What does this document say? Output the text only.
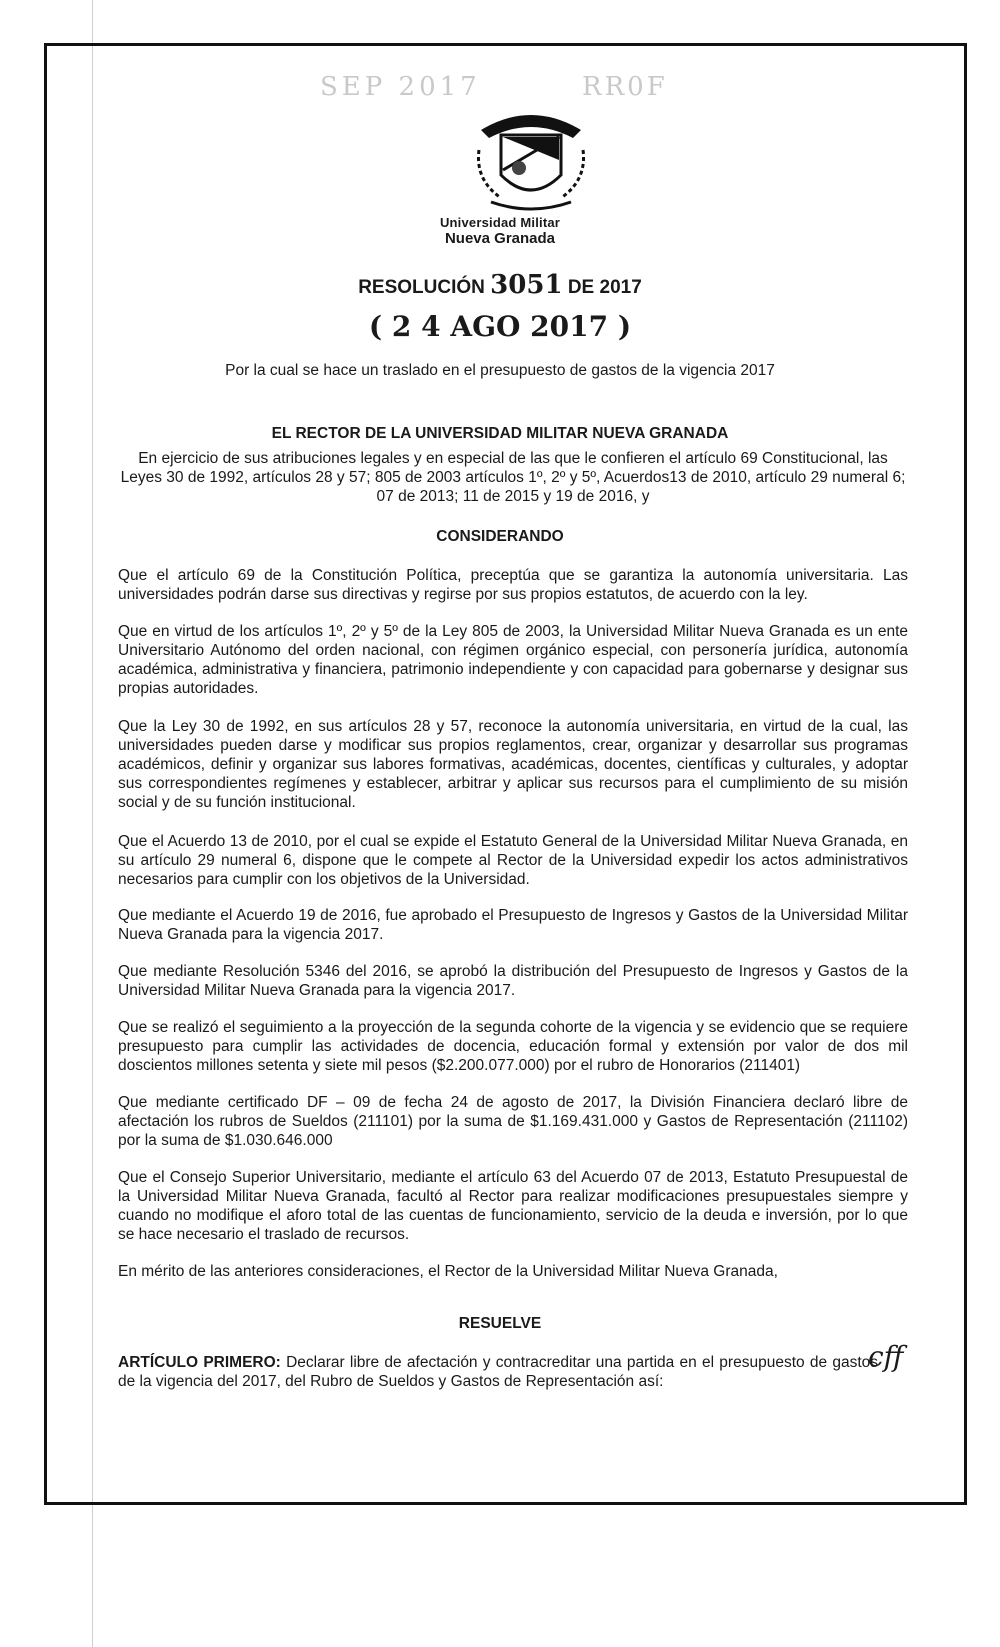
SEP 2017	RR0F
Universidad Militar
Nueva Granada
RESOLUCIÓN 3051 DE 2017
( 2 4 AGO 2017 )
Por la cual se hace un traslado en el presupuesto de gastos de la vigencia 2017
EL RECTOR DE LA UNIVERSIDAD MILITAR NUEVA GRANADA
En ejercicio de sus atribuciones legales y en especial de las que le confieren el artículo 69 Constitucional, las Leyes 30 de 1992, artículos 28 y 57; 805 de 2003 artículos 1º, 2º y 5º, Acuerdos13 de 2010, artículo 29 numeral 6; 07 de 2013; 11 de 2015 y 19 de 2016, y
CONSIDERANDO
Que el artículo 69 de la Constitución Política, preceptúa que se garantiza la autonomía universitaria. Las universidades podrán darse sus directivas y regirse por sus propios estatutos, de acuerdo con la ley.
Que en virtud de los artículos 1º, 2º y 5º de la Ley 805 de 2003, la Universidad Militar Nueva Granada es un ente Universitario Autónomo del orden nacional, con régimen orgánico especial, con personería jurídica, autonomía académica, administrativa y financiera, patrimonio independiente y con capacidad para gobernarse y designar sus propias autoridades.
Que la Ley 30 de 1992, en sus artículos 28 y 57, reconoce la autonomía universitaria, en virtud de la cual, las universidades pueden darse y modificar sus propios reglamentos, crear, organizar y desarrollar sus programas académicos, definir y organizar sus labores formativas, académicas, docentes, científicas y culturales, y adoptar sus correspondientes regímenes y establecer, arbitrar y aplicar sus recursos para el cumplimiento de su misión social y de su función institucional.
Que el Acuerdo 13 de 2010, por el cual se expide el Estatuto General de la Universidad Militar Nueva Granada, en su artículo 29 numeral 6, dispone que le compete al Rector de la Universidad expedir los actos administrativos necesarios para cumplir con los objetivos de la Universidad.
Que mediante el Acuerdo 19 de 2016, fue aprobado el Presupuesto de Ingresos y Gastos de la Universidad Militar Nueva Granada para la vigencia 2017.
Que mediante Resolución 5346 del 2016, se aprobó la distribución del Presupuesto de Ingresos y Gastos de la Universidad Militar Nueva Granada para la vigencia 2017.
Que se realizó el seguimiento a la proyección de la segunda cohorte de la vigencia y se evidencio que se requiere presupuesto para cumplir las actividades de docencia, educación formal y extensión por valor de dos mil doscientos millones setenta y siete mil pesos ($2.200.077.000) por el rubro de Honorarios (211401)
Que mediante certificado DF – 09 de fecha 24 de agosto de 2017, la División Financiera declaró libre de afectación los rubros de Sueldos (211101) por la suma de $1.169.431.000 y Gastos de Representación (211102) por la suma de $1.030.646.000
Que el Consejo Superior Universitario, mediante el artículo 63 del Acuerdo 07 de 2013, Estatuto Presupuestal de la Universidad Militar Nueva Granada, facultó al Rector para realizar modificaciones presupuestales siempre y cuando no modifique el aforo total de las cuentas de funcionamiento, servicio de la deuda e inversión, por lo que se hace necesario el traslado de recursos.
En mérito de las anteriores consideraciones, el Rector de la Universidad Militar Nueva Granada,
RESUELVE
ARTÍCULO PRIMERO: Declarar libre de afectación y contracreditar una partida en el presupuesto de gastos de la vigencia del 2017, del Rubro de Sueldos y Gastos de Representación así:
cff
